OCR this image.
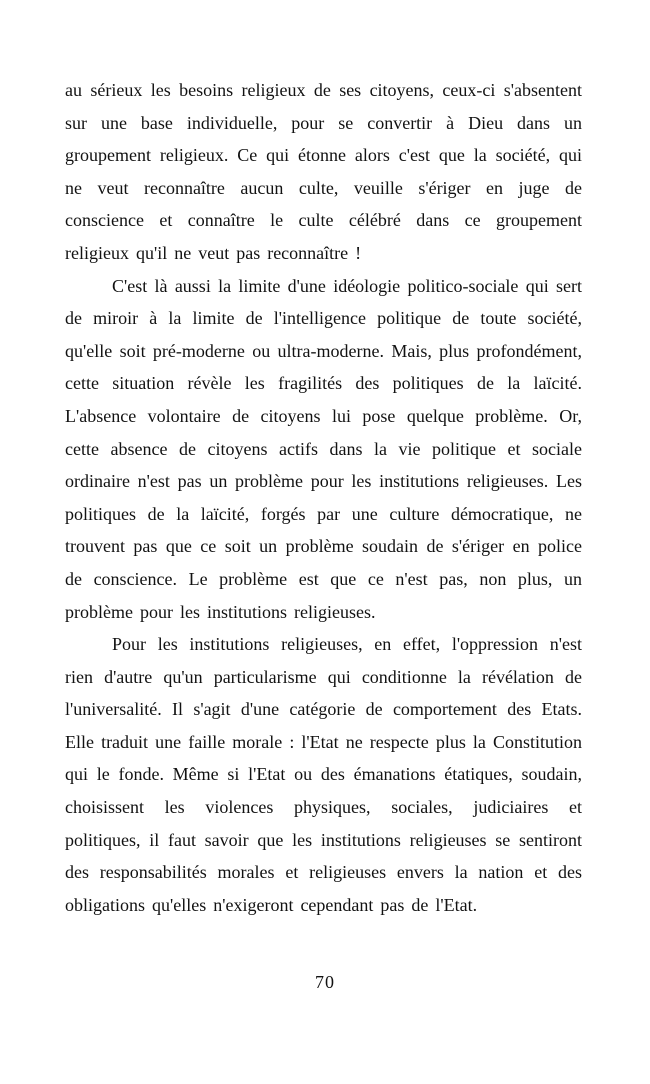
au sérieux les besoins religieux de ses citoyens, ceux-ci s'absentent sur une base individuelle, pour se convertir à Dieu dans un groupement religieux. Ce qui étonne alors c'est que la société, qui ne veut reconnaître aucun culte, veuille s'ériger en juge de conscience et connaître le culte célébré dans ce groupement religieux qu'il ne veut pas reconnaître !

C'est là aussi la limite d'une idéologie politico-sociale qui sert de miroir à la limite de l'intelligence politique de toute société, qu'elle soit pré-moderne ou ultra-moderne. Mais, plus profondément, cette situation révèle les fragilités des politiques de la laïcité. L'absence volontaire de citoyens lui pose quelque problème. Or, cette absence de citoyens actifs dans la vie politique et sociale ordinaire n'est pas un problème pour les institutions religieuses. Les politiques de la laïcité, forgés par une culture démocratique, ne trouvent pas que ce soit un problème soudain de s'ériger en police de conscience. Le problème est que ce n'est pas, non plus, un problème pour les institutions religieuses.

Pour les institutions religieuses, en effet, l'oppression n'est rien d'autre qu'un particularisme qui conditionne la révélation de l'universalité. Il s'agit d'une catégorie de comportement des Etats. Elle traduit une faille morale : l'Etat ne respecte plus la Constitution qui le fonde. Même si l'Etat ou des émanations étatiques, soudain, choisissent les violences physiques, sociales, judiciaires et politiques, il faut savoir que les institutions religieuses se sentiront des responsabilités morales et religieuses envers la nation et des obligations qu'elles n'exigeront cependant pas de l'Etat.

70
